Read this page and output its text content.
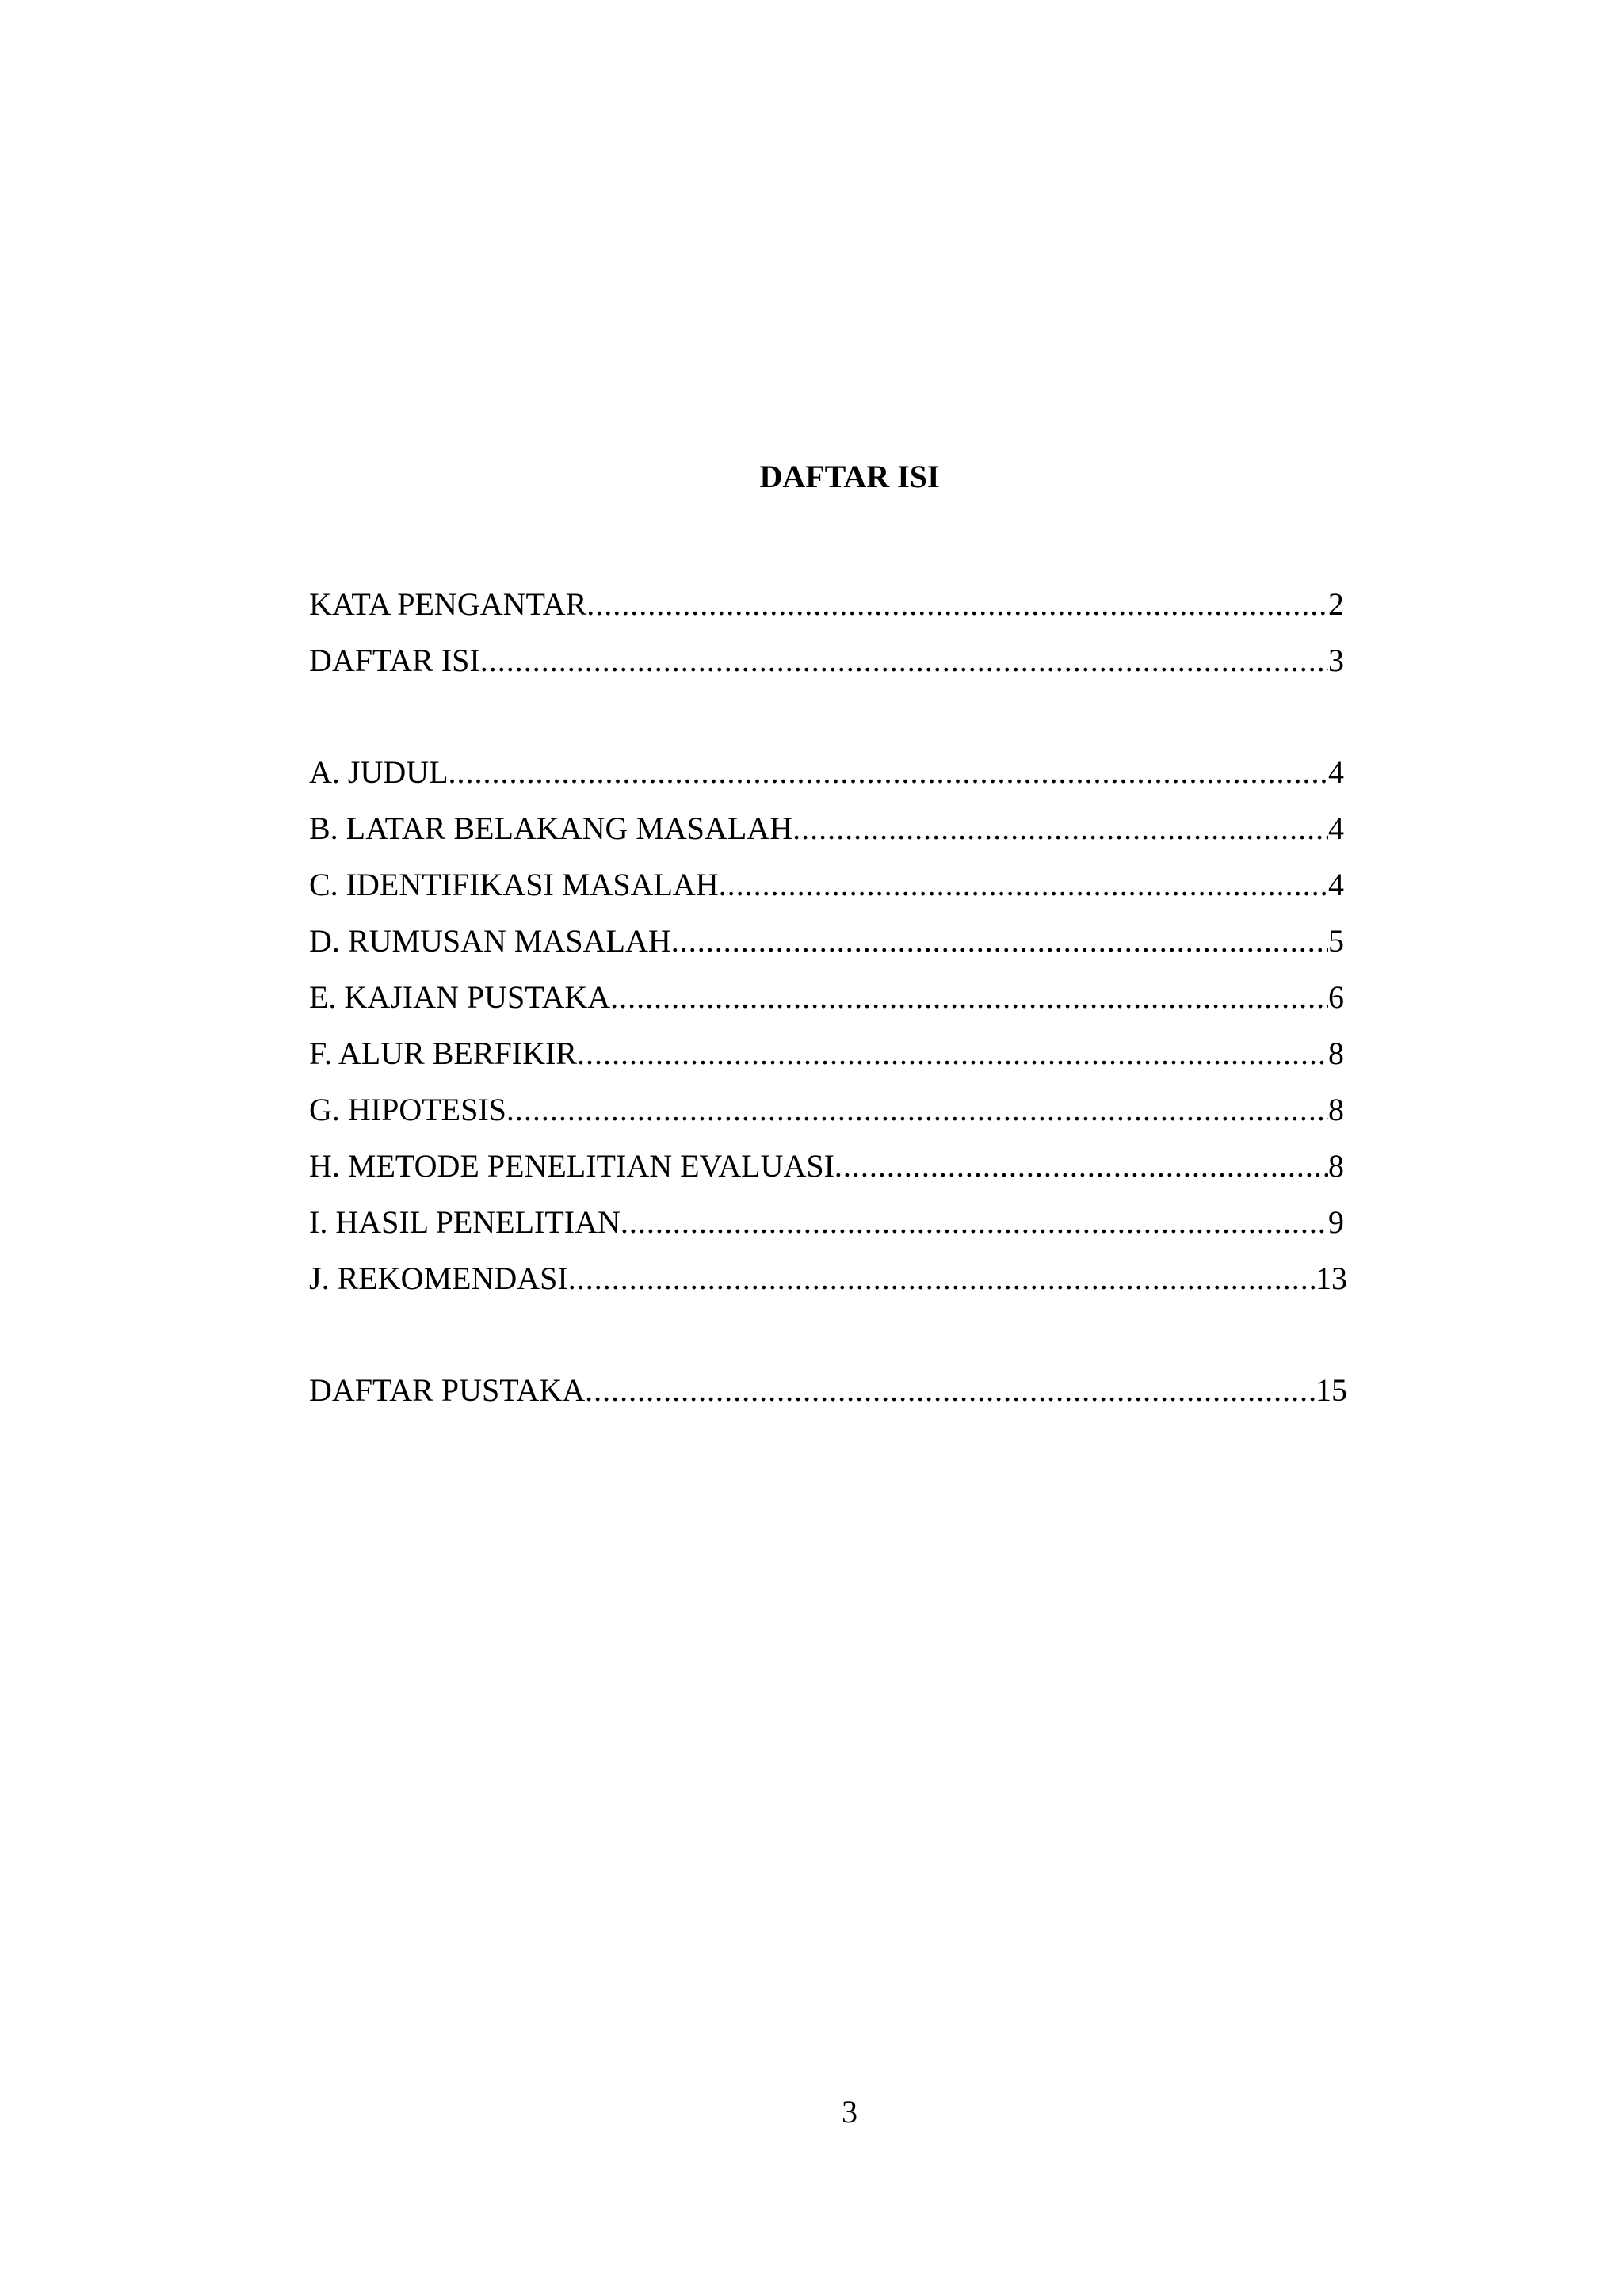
DAFTAR ISI
KATA PENGANTAR .....	2
DAFTAR ISI .....	3
A. JUDUL .....	4
B. LATAR BELAKANG MASALAH .....	4
C. IDENTIFIKASI MASALAH .....	4
D. RUMUSAN MASALAH .....	5
E. KAJIAN PUSTAKA .....	6
F. ALUR BERFIKIR .....	8
G. HIPOTESIS .....	8
H. METODE PENELITIAN EVALUASI .....	8
I. HASIL PENELITIAN .....	9
J. REKOMENDASI .....	13
DAFTAR PUSTAKA .....	15
3
